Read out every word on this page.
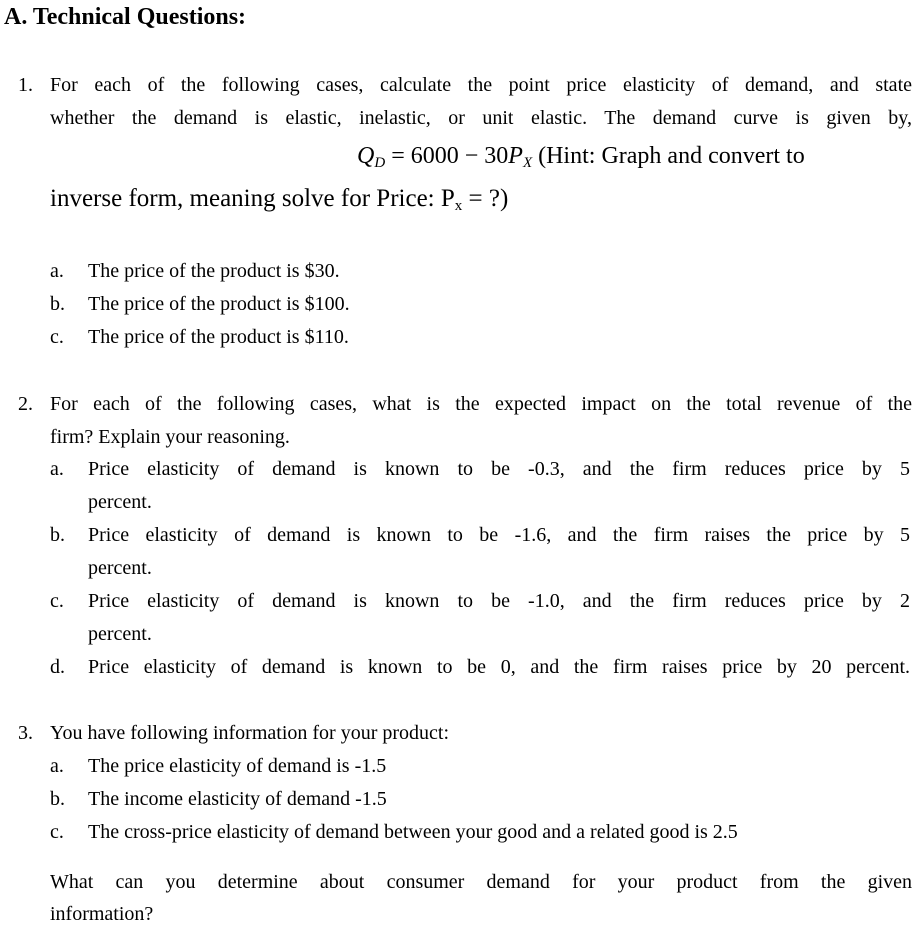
A. Technical Questions:
1. For each of the following cases, calculate the point price elasticity of demand, and state
whether the demand is elastic, inelastic, or unit elastic. The demand curve is given by,
$Q_D = 6000 - 30P_X$ (Hint: Graph and convert to
inverse form, meaning solve for Price: $P_x$ = ?)
a. The price of the product is $30.
b. The price of the product is $100.
c. The price of the product is $110.
2. For each of the following cases, what is the expected impact on the total revenue of the
firm? Explain your reasoning.
a. Price elasticity of demand is known to be -0.3, and the firm reduces price by 5
percent.
b. Price elasticity of demand is known to be -1.6, and the firm raises the price by 5
percent.
c. Price elasticity of demand is known to be -1.0, and the firm reduces price by 2
percent.
d. Price elasticity of demand is known to be 0, and the firm raises price by 20 percent.
3. You have following information for your product:
a. The price elasticity of demand is -1.5
b. The income elasticity of demand -1.5
c. The cross-price elasticity of demand between your good and a related good is 2.5
What can you determine about consumer demand for your product from the given
information?
